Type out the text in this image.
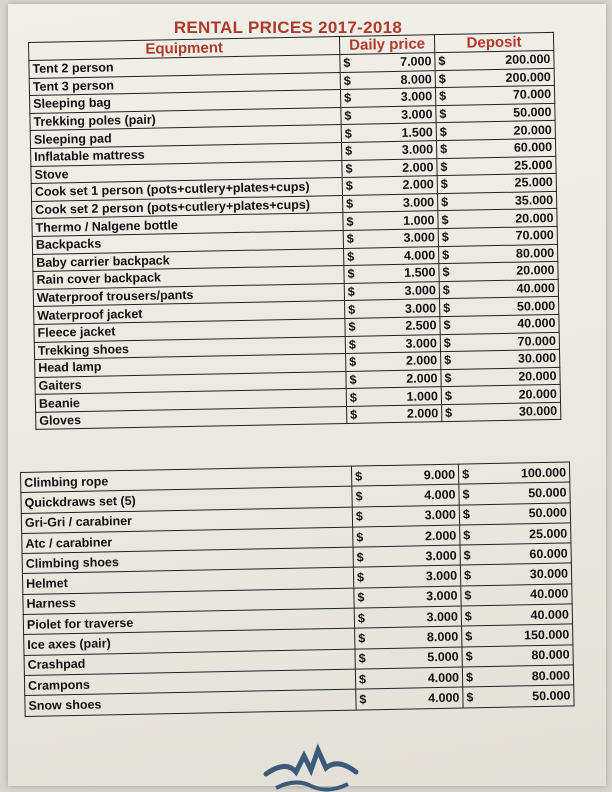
RENTAL PRICES 2017-2018
Equipment	Daily price	Deposit
Tent 2 person	$ 7.000	$ 200.000

Tent 3 person	$ 8.000	$ 200.000

Sleeping bag	$ 3.000	$ 70.000

Trekking poles (pair)	$ 3.000	$ 50.000

Sleeping pad	$ 1.500	$ 20.000

Inflatable mattress	$ 3.000	$ 60.000

Stove	$ 2.000	$ 25.000

Cook set 1 person (pots+cutlery+plates+cups)	$ 2.000	$ 25.000

Cook set 2 person (pots+cutlery+plates+cups)	$ 3.000	$ 35.000

Thermo / Nalgene bottle	$ 1.000	$ 20.000

Backpacks	$ 3.000	$ 70.000

Baby carrier backpack	$ 4.000	$ 80.000

Rain cover backpack	$ 1.500	$ 20.000

Waterproof trousers/pants	$ 3.000	$ 40.000

Waterproof jacket	$ 3.000	$ 50.000

Fleece jacket	$ 2.500	$ 40.000

Trekking shoes	$ 3.000	$ 70.000

Head lamp	$ 2.000	$ 30.000

Gaiters	$ 2.000	$ 20.000

Beanie	$ 1.000	$ 20.000

Gloves	$ 2.000	$ 30.000
Climbing rope	$ 9.000	$ 100.000

Quickdraws set (5)	$ 4.000	$ 50.000

Gri-Gri / carabiner	$ 3.000	$ 50.000

Atc / carabiner	$ 2.000	$ 25.000

Climbing shoes	$ 3.000	$ 60.000

Helmet	$ 3.000	$ 30.000

Harness	$ 3.000	$ 40.000

Piolet for traverse	$ 3.000	$ 40.000

Ice axes (pair)	$ 8.000	$ 150.000

Crashpad	$ 5.000	$ 80.000

Crampons	$ 4.000	$ 80.000

Snow shoes	$ 4.000	$ 50.000
